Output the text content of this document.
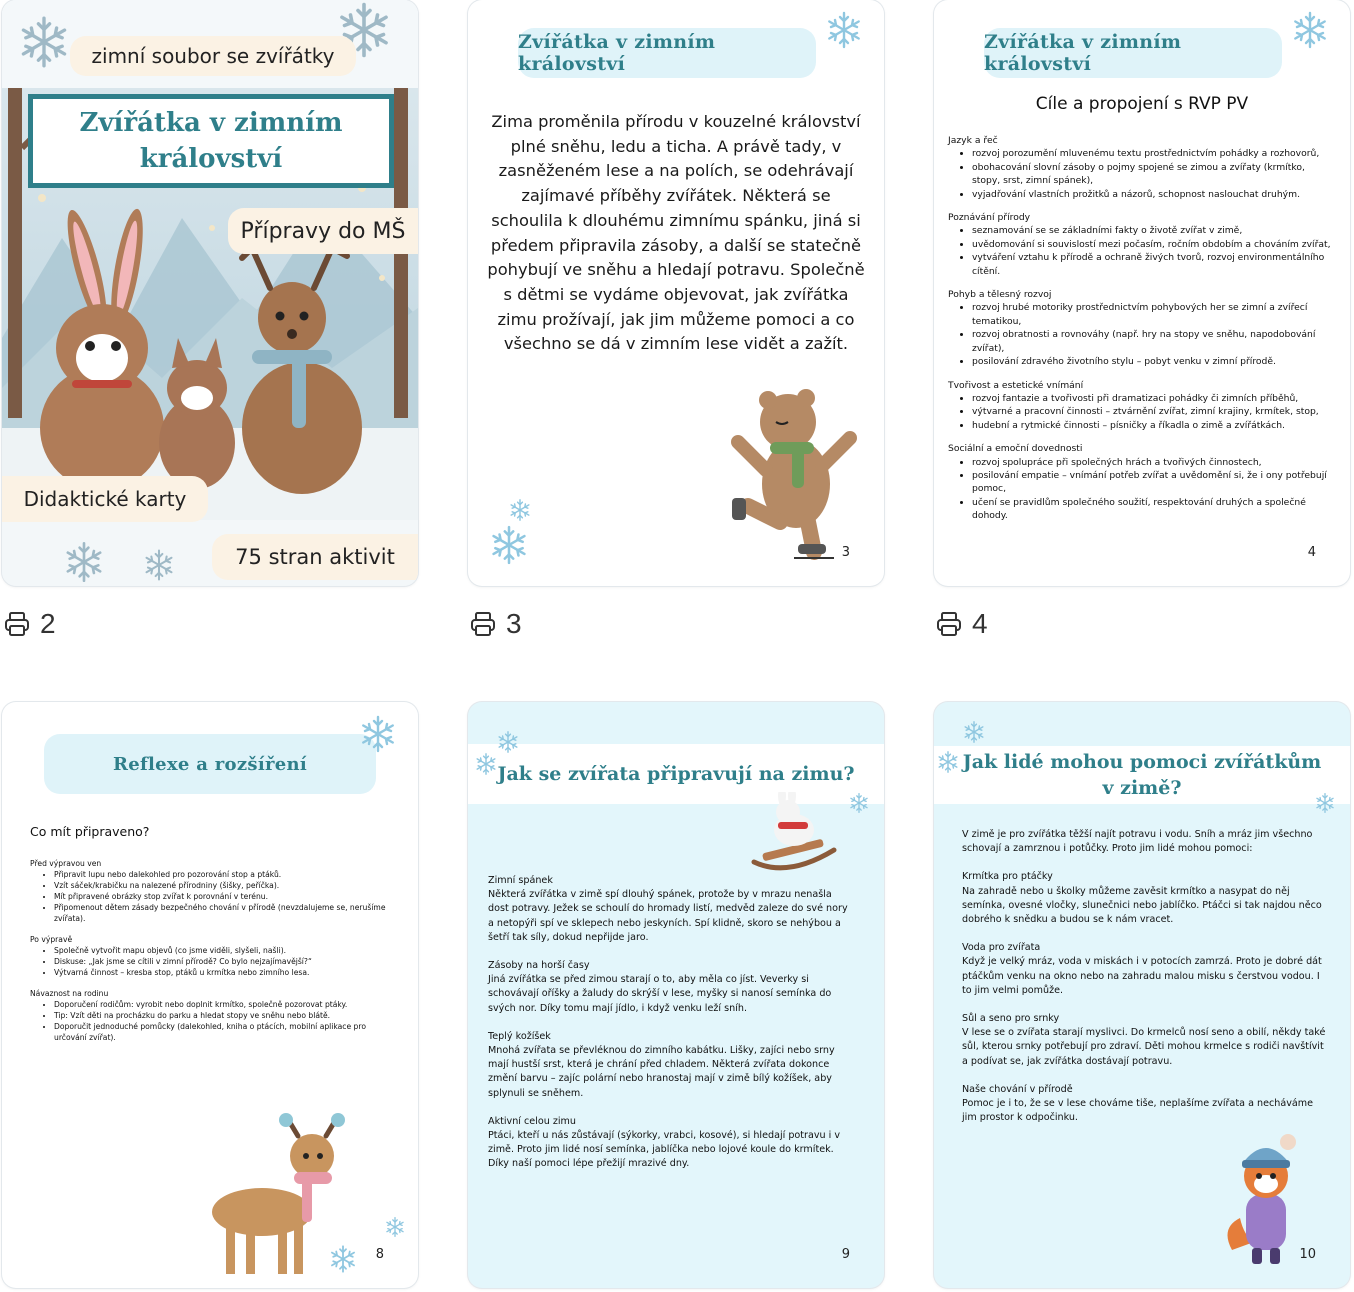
zimní soubor se zvířátky
Zvířátka v zimním království
Přípravy do MŠ
Didaktické karty
75 stran aktivit
Zvířátka v zimním království
Zima proměnila přírodu v kouzelné království plné sněhu, ledu a ticha. A právě tady, v zasněženém lese a na polích, se odehrávají zajímavé příběhy zvířátek. Některá se schoulila k dlouhému zimnímu spánku, jiná si předem připravila zásoby, a další se statečně pohybují ve sněhu a hledají potravu. Společně s dětmi se vydáme objevovat, jak zvířátka zimu prožívají, jak jim můžeme pomoci a co všechno se dá v zimním lese vidět a zažít.
3
Zvířátka v zimním království
Cíle a propojení s RVP PV
Jazyk a řeč
• rozvoj porozumění mluvenému textu prostřednictvím pohádky a rozhovorů,
• obohacování slovní zásoby o pojmy spojené se zimou a zvířaty (krmítko, stopy, srst, zimní spánek),
• vyjadřování vlastních prožitků a názorů, schopnost naslouchat druhým.
Poznávání přírody
• seznamování se se základními fakty o životě zvířat v zimě,
• uvědomování si souvislostí mezi počasím, ročním obdobím a chováním zvířat,
• vytváření vztahu k přírodě a ochraně živých tvorů, rozvoj environmentálního cítění.
Pohyb a tělesný rozvoj
• rozvoj hrubé motoriky prostřednictvím pohybových her se zimní a zvířecí tematikou,
• rozvoj obratnosti a rovnováhy (např. hry na stopy ve sněhu, napodobování zvířat),
• posilování zdravého životního stylu – pobyt venku v zimní přírodě.
Tvořivost a estetické vnímání
• rozvoj fantazie a tvořivosti při dramatizaci pohádky či zimních příběhů,
• výtvarné a pracovní činnosti – ztvárnění zvířat, zimní krajiny, krmítek, stop,
• hudební a rytmické činnosti – písničky a říkadla o zimě a zvířátkách.
Sociální a emoční dovednosti
• rozvoj spolupráce při společných hrách a tvořivých činnostech,
• posilování empatie – vnímání potřeb zvířat a uvědomění si, že i ony potřebují pomoc,
• učení se pravidlům společného soužití, respektování druhých a společné dohody.
4
2	3	4
Reflexe a rozšíření
Co mít připraveno?
Před výpravou ven
• Připravit lupu nebo dalekohled pro pozorování stop a ptáků.
• Vzít sáček/krabičku na nalezené přírodniny (šišky, peříčka).
• Mít připravené obrázky stop zvířat k porovnání v terénu.
• Připomenout dětem zásady bezpečného chování v přírodě (nevzdalujeme se, nerušíme zvířata).
Po výpravě
• Společně vytvořit mapu objevů (co jsme viděli, slyšeli, našli).
• Diskuse: „Jak jsme se cítili v zimní přírodě? Co bylo nejzajímavější?“
• Výtvarná činnost – kresba stop, ptáků u krmítka nebo zimního lesa.
Návaznost na rodinu
• Doporučení rodičům: vyrobit nebo doplnit krmítko, společně pozorovat ptáky.
• Tip: Vzít děti na procházku do parku a hledat stopy ve sněhu nebo blátě.
• Doporučit jednoduché pomůcky (dalekohled, kniha o ptácích, mobilní aplikace pro určování zvířat).
8
Jak se zvířata připravují na zimu?
Zimní spánek
Některá zvířátka v zimě spí dlouhý spánek, protože by v mrazu nenašla dost potravy. Ježek se schoulí do hromady listí, medvěd zaleze do své nory a netopýři spí ve sklepech nebo jeskyních. Spí klidně, skoro se nehýbou a šetří tak síly, dokud nepřijde jaro.
Zásoby na horší časy
Jiná zvířátka se před zimou starají o to, aby měla co jíst. Veverky si schovávají oříšky a žaludy do skrýší v lese, myšky si nanosí semínka do svých nor. Díky tomu mají jídlo, i když venku leží sníh.
Teplý kožíšek
Mnohá zvířata se převléknou do zimního kabátku. Lišky, zajíci nebo srny mají hustší srst, která je chrání před chladem. Některá zvířata dokonce změní barvu – zajíc polární nebo hranostaj mají v zimě bílý kožíšek, aby splynuli se sněhem.
Aktivní celou zimu
Ptáci, kteří u nás zůstávají (sýkorky, vrabci, kosové), si hledají potravu i v zimě. Proto jim lidé nosí semínka, jablíčka nebo lojové koule do krmítek. Díky naší pomoci lépe přežijí mrazivé dny.
9
Jak lidé mohou pomoci zvířátkům v zimě?
V zimě je pro zvířátka těžší najít potravu i vodu. Sníh a mráz jim všechno schovají a zamrznou i potůčky. Proto jim lidé mohou pomoci:
Krmítka pro ptáčky
Na zahradě nebo u školky můžeme zavěsit krmítko a nasypat do něj semínka, ovesné vločky, slunečnici nebo jablíčko. Ptáčci si tak najdou něco dobrého k snědku a budou se k nám vracet.
Voda pro zvířata
Když je velký mráz, voda v miskách i v potocích zamrzá. Proto je dobré dát ptáčkům venku na okno nebo na zahradu malou misku s čerstvou vodou. I to jim velmi pomůže.
Sůl a seno pro srnky
V lese se o zvířata starají myslivci. Do krmelců nosí seno a obilí, někdy také sůl, kterou srnky potřebují pro zdraví. Děti mohou krmelce s rodiči navštívit a podívat se, jak zvířátka dostávají potravu.
Naše chování v přírodě
Pomoc je i to, že se v lese chováme tiše, neplašíme zvířata a necháváme jim prostor k odpočinku.
10
